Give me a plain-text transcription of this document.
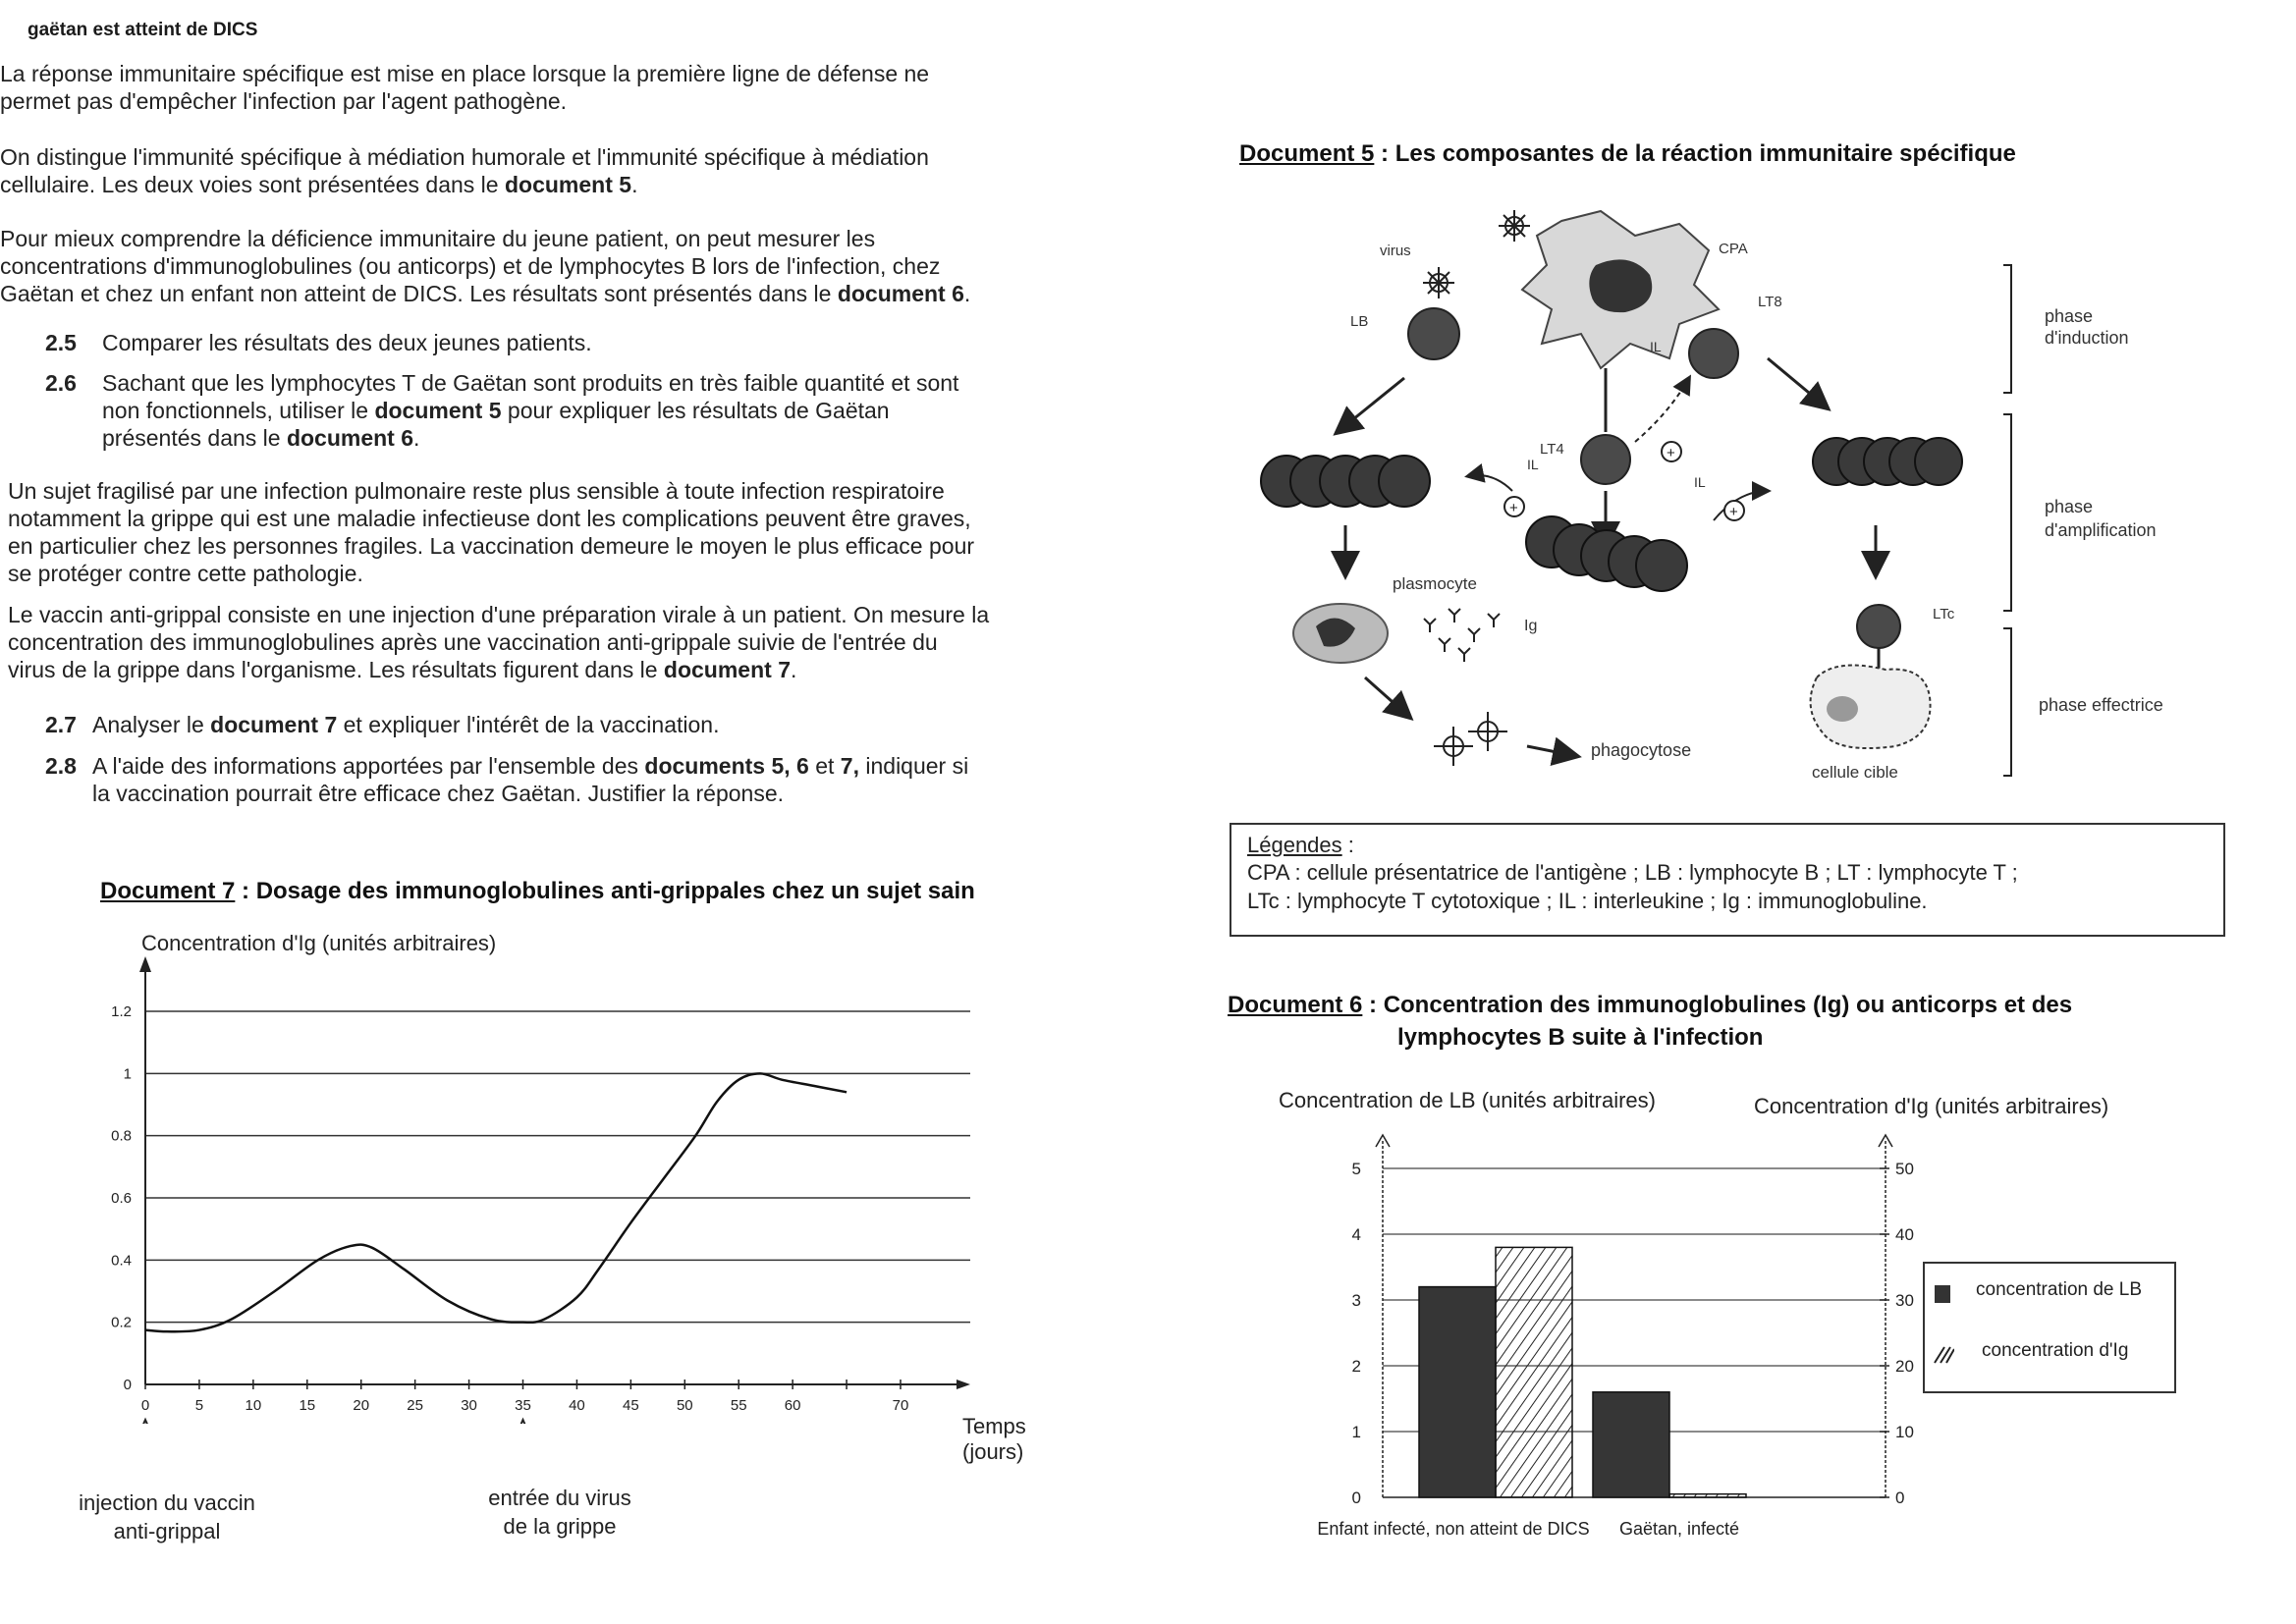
gaëtan est atteint de DICS
La réponse immunitaire spécifique est mise en place lorsque la première ligne de défense ne permet pas d'empêcher l'infection par l'agent pathogène.
On distingue l'immunité spécifique à médiation humorale et l'immunité spécifique à médiation cellulaire. Les deux voies sont présentées dans le document 5.
Pour mieux comprendre la déficience immunitaire du jeune patient, on peut mesurer les concentrations d'immunoglobulines (ou anticorps) et de lymphocytes B lors de l'infection, chez Gaëtan et chez un enfant non atteint de DICS. Les résultats sont présentés dans le document 6.
2.5 Comparer les résultats des deux jeunes patients.
2.6 Sachant que les lymphocytes T de Gaëtan sont produits en très faible quantité et sont non fonctionnels, utiliser le document 5 pour expliquer les résultats de Gaëtan présentés dans le document 6.
Un sujet fragilisé par une infection pulmonaire reste plus sensible à toute infection respiratoire notamment la grippe qui est une maladie infectieuse dont les complications peuvent être graves, en particulier chez les personnes fragiles. La vaccination demeure le moyen le plus efficace pour se protéger contre cette pathologie.
Le vaccin anti-grippal consiste en une injection d'une préparation virale à un patient. On mesure la concentration des immunoglobulines après une vaccination anti-grippale suivie de l'entrée du virus de la grippe dans l'organisme. Les résultats figurent dans le document 7.
2.7 Analyser le document 7 et expliquer l'intérêt de la vaccination.
2.8 A l'aide des informations apportées par l'ensemble des documents 5, 6 et 7, indiquer si la vaccination pourrait être efficace chez Gaëtan. Justifier la réponse.
Document 7 : Dosage des immunoglobulines anti-grippales chez un sujet sain
Concentration d'Ig (unités arbitraires)
0
0.2
0.4
0.6
0.8
1
1.2
0	5	10	15	20	25	30	35	40	45	50	55	60	70
Temps
(jours)
injection du vaccin
anti-grippal
entrée du virus
de la grippe
Document 5 : Les composantes de la réaction immunitaire spécifique
virus	CPA
LB
LT4
LT8
IL
+
IL
+
IL
+
plasmocyte
Ig
phagocytose
LTc
cellule cible
phase
d'induction
phase
d'amplification
phase effectrice
Légendes :
CPA : cellule présentatrice de l'antigène ; LB : lymphocyte B ; LT : lymphocyte T ;
LTc : lymphocyte T cytotoxique ; IL : interleukine ; Ig : immunoglobuline.
Document 6 : Concentration des immunoglobulines (Ig) ou anticorps et des
lymphocytes B suite à l'infection
Concentration de LB (unités arbitraires)	Concentration d'Ig (unités arbitraires)
0
1
2
3
4
5
0
10
20
30
40
50
Enfant infecté, non atteint de DICS Gaëtan, infecté
concentration de LB
concentration d'Ig
